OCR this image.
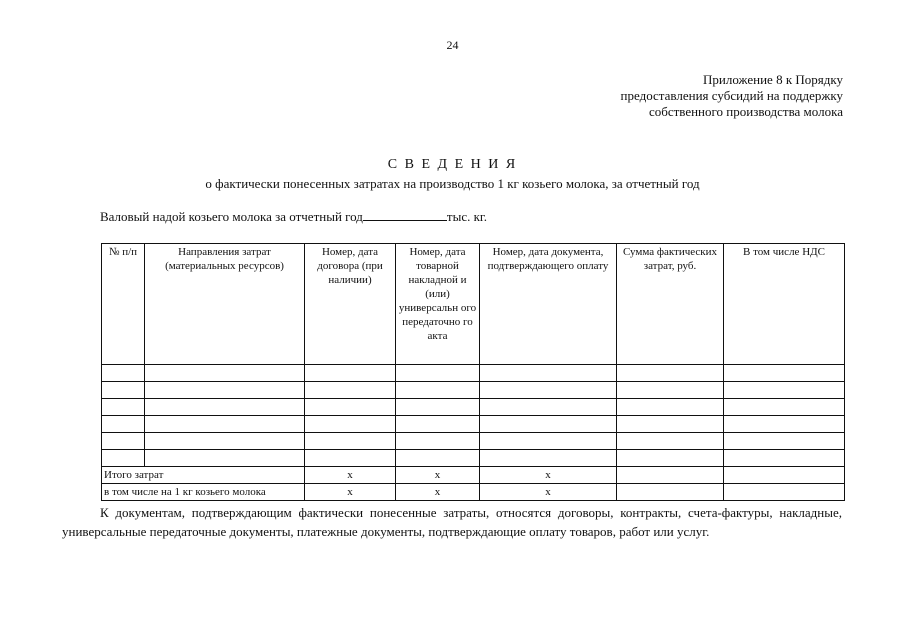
24
Приложение 8 к Порядку
предоставления субсидий на поддержку
собственного производства молока
С В Е Д Е Н И Я
о фактически понесенных затратах на производство 1 кг козьего молока, за отчетный год
Валовый надой козьего молока за отчетный год	тыс. кг.
№ п/п	Направления затрат (материальных ресурсов)	Номер, дата договора (при наличии)	Номер, дата товарной накладной и (или) универсальн ого передаточно го акта	Номер, дата документа, подтверждающего оплату	Сумма фактических затрат, руб.	В том числе НДС

Итого затрат		x	x	x		
в том числе на 1 кг козьего молока		x	x	x		
К документам, подтверждающим фактически понесенные затраты, относятся договоры, контракты, счета-фактуры, накладные, универсальные передаточные документы, платежные документы, подтверждающие оплату товаров, работ или услуг.
